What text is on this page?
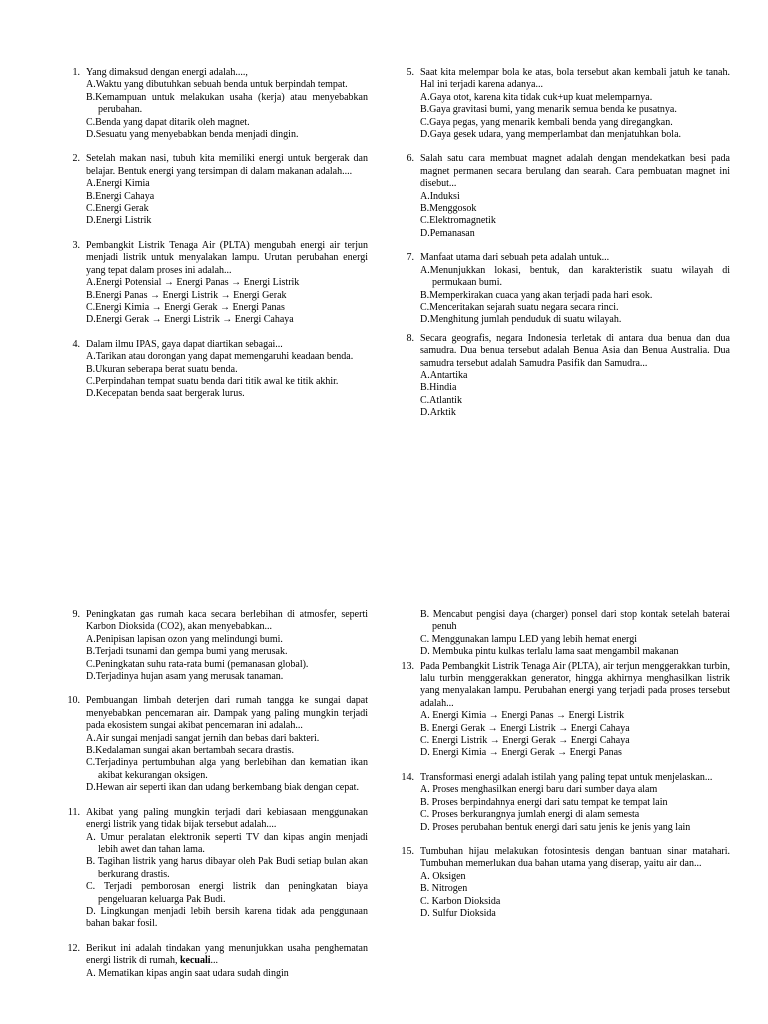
1. Yang dimaksud dengan energi adalah....,

A.Waktu yang dibutuhkan sebuah benda untuk berpindah tempat.

B.Kemampuan untuk melakukan usaha (kerja) atau menyebabkan perubahan.

C.Benda yang dapat ditarik oleh magnet.

D.Sesuatu yang menyebabkan benda menjadi dingin.

2. Setelah makan nasi, tubuh kita memiliki energi untuk bergerak dan belajar. Bentuk energi yang tersimpan di dalam makanan adalah....

A.Energi Kimia

B.Energi Cahaya

C.Energi Gerak

D.Energi Listrik

3. Pembangkit Listrik Tenaga Air (PLTA) mengubah energi air terjun menjadi listrik untuk menyalakan lampu. Urutan perubahan energi yang tepat dalam proses ini adalah...

A.Energi Potensial → Energi Panas → Energi Listrik

B.Energi Panas → Energi Listrik → Energi Gerak

C.Energi Kimia → Energi Gerak → Energi Panas

D.Energi Gerak → Energi Listrik → Energi Cahaya

4. Dalam ilmu IPAS, gaya dapat diartikan sebagai...

A.Tarikan atau dorongan yang dapat memengaruhi keadaan benda.

B.Ukuran seberapa berat suatu benda.

C.Perpindahan tempat suatu benda dari titik awal ke titik akhir.

D.Kecepatan benda saat bergerak lurus.

5. Saat kita melempar bola ke atas, bola tersebut akan kembali jatuh ke tanah. Hal ini terjadi karena adanya...

A.Gaya otot, karena kita tidak cuk+up kuat melemparnya.

B.Gaya gravitasi bumi, yang menarik semua benda ke pusatnya.

C.Gaya pegas, yang menarik kembali benda yang diregangkan.

D.Gaya gesek udara, yang memperlambat dan menjatuhkan bola.

6. Salah satu cara membuat magnet adalah dengan mendekatkan besi pada magnet permanen secara berulang dan searah. Cara pembuatan magnet ini disebut...

A.Induksi

B.Menggosok

C.Elektromagnetik

D.Pemanasan

7. Manfaat utama dari sebuah peta adalah untuk...

A.Menunjukkan lokasi, bentuk, dan karakteristik suatu wilayah di permukaan bumi.

B.Memperkirakan cuaca yang akan terjadi pada hari esok.

C.Menceritakan sejarah suatu negara secara rinci.

D.Menghitung jumlah penduduk di suatu wilayah.

8. Secara geografis, negara Indonesia terletak di antara dua benua dan dua samudra. Dua benua tersebut adalah Benua Asia dan Benua Australia. Dua samudra tersebut adalah Samudra Pasifik dan Samudra...

A.Antartika

B.Hindia

C.Atlantik

D.Arktik

9. Peningkatan gas rumah kaca secara berlebihan di atmosfer, seperti Karbon Dioksida (CO2), akan menyebabkan...

A.Penipisan lapisan ozon yang melindungi bumi.

B.Terjadi tsunami dan gempa bumi yang merusak.

C.Peningkatan suhu rata-rata bumi (pemanasan global).

D.Terjadinya hujan asam yang merusak tanaman.

10. Pembuangan limbah deterjen dari rumah tangga ke sungai dapat menyebabkan pencemaran air. Dampak yang paling mungkin terjadi pada ekosistem sungai akibat pencemaran ini adalah...

A.Air sungai menjadi sangat jernih dan bebas dari bakteri.

B.Kedalaman sungai akan bertambah secara drastis.

C.Terjadinya pertumbuhan alga yang berlebihan dan kematian ikan akibat kekurangan oksigen.

D.Hewan air seperti ikan dan udang berkembang biak dengan cepat.

11. Akibat yang paling mungkin terjadi dari kebiasaan menggunakan energi listrik yang tidak bijak tersebut adalah....

A. Umur peralatan elektronik seperti TV dan kipas angin menjadi lebih awet dan tahan lama.

B. Tagihan listrik yang harus dibayar oleh Pak Budi setiap bulan akan berkurang drastis.

C. Terjadi pemborosan energi listrik dan peningkatan biaya pengeluaran keluarga Pak Budi.

D. Lingkungan menjadi lebih bersih karena tidak ada penggunaan bahan bakar fosil.

12. Berikut ini adalah tindakan yang menunjukkan usaha penghematan energi listrik di rumah, kecuali...

A. Mematikan kipas angin saat udara sudah dingin

B. Mencabut pengisi daya (charger) ponsel dari stop kontak setelah baterai penuh

C. Menggunakan lampu LED yang lebih hemat energi

D. Membuka pintu kulkas terlalu lama saat mengambil makanan

13. Pada Pembangkit Listrik Tenaga Air (PLTA), air terjun menggerakkan turbin, lalu turbin menggerakkan generator, hingga akhirnya menghasilkan listrik yang menyalakan lampu. Perubahan energi yang terjadi pada proses tersebut adalah...

A. Energi Kimia → Energi Panas → Energi Listrik

B. Energi Gerak → Energi Listrik → Energi Cahaya

C. Energi Listrik → Energi Gerak → Energi Cahaya

D. Energi Kimia → Energi Gerak → Energi Panas

14. Transformasi energi adalah istilah yang paling tepat untuk menjelaskan...

A. Proses menghasilkan energi baru dari sumber daya alam

B. Proses berpindahnya energi dari satu tempat ke tempat lain

C. Proses berkurangnya jumlah energi di alam semesta

D. Proses perubahan bentuk energi dari satu jenis ke jenis yang lain

15. Tumbuhan hijau melakukan fotosintesis dengan bantuan sinar matahari. Tumbuhan memerlukan dua bahan utama yang diserap, yaitu air dan...

A. Oksigen

B. Nitrogen

C. Karbon Dioksida

D. Sulfur Dioksida
